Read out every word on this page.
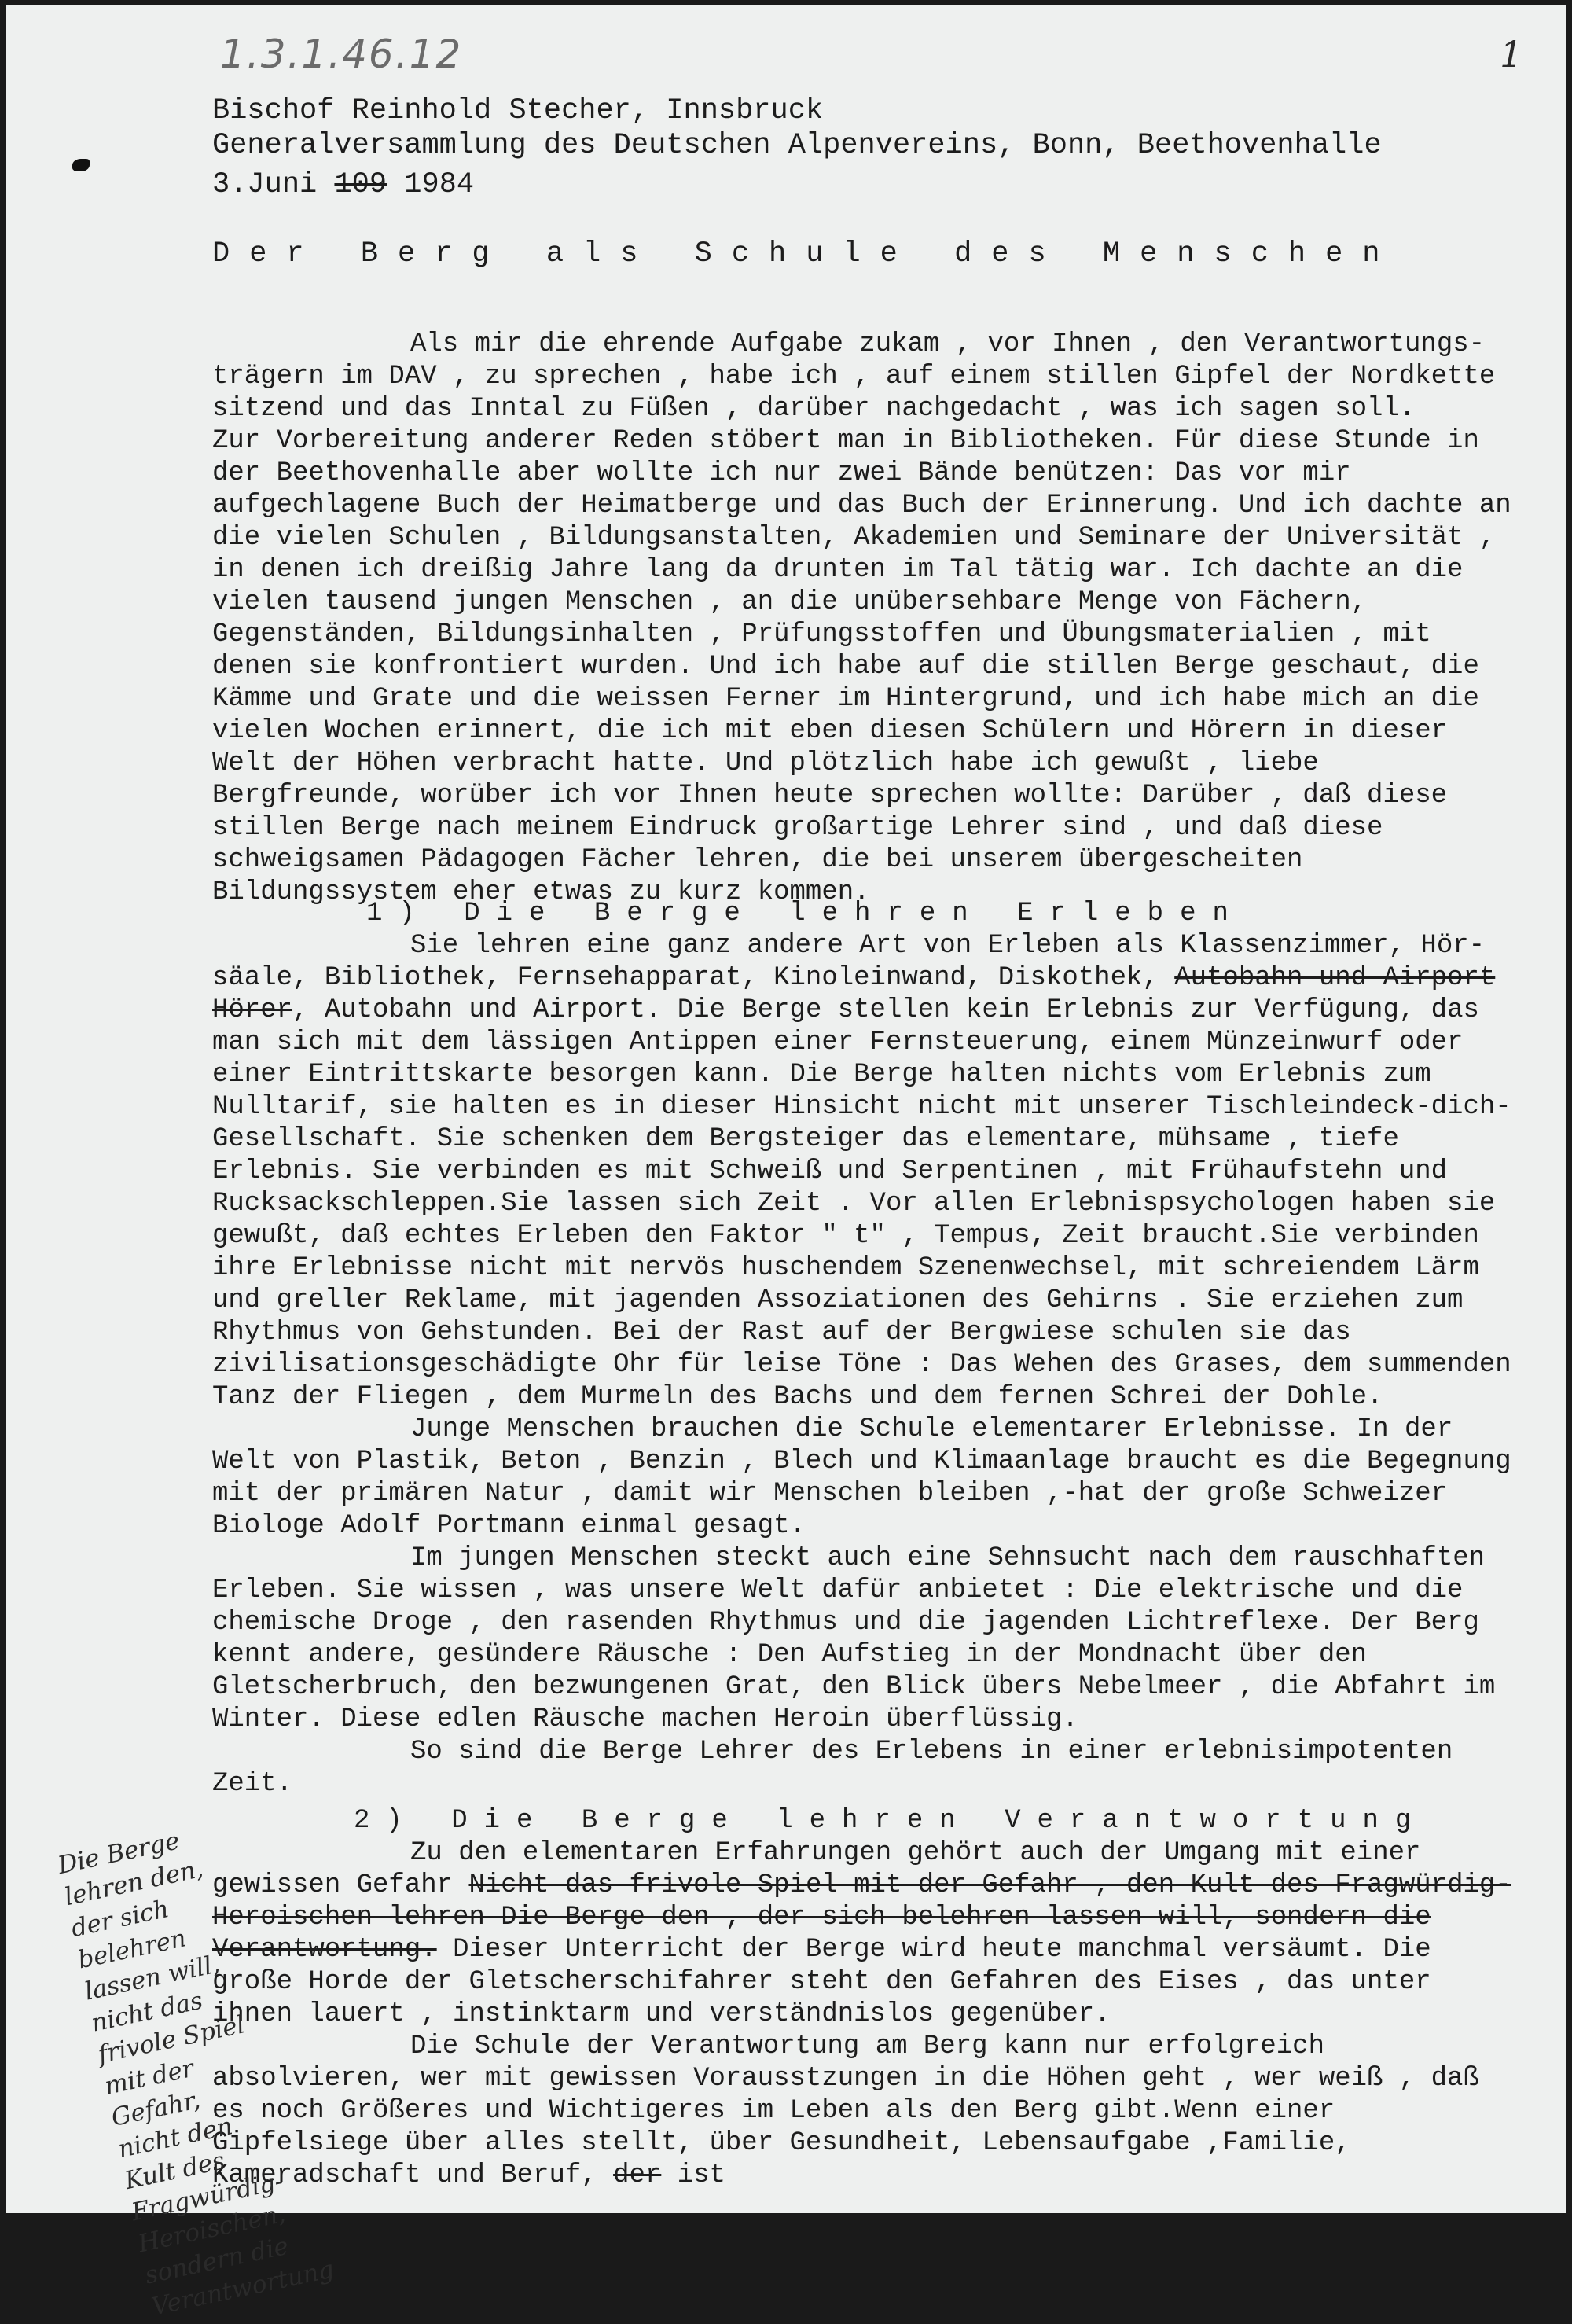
1.3.1.46.12	1
Bischof Reinhold Stecher, Innsbruck
Generalversammlung des Deutschen Alpenvereins, Bonn, Beethovenhalle
3.Juni 109 1984
Der Berg als Schule des Menschen

Als mir die ehrende Aufgabe zukam , vor Ihnen , den Verantwortungsträgern im DAV , zu sprechen , habe ich , auf einem stillen Gipfel der Nordkette sitzend und das Inntal zu Füßen , darüber nachgedacht , was ich sagen soll.

Zur Vorbereitung anderer Reden stöbert man in Bibliotheken. Für diese Stunde in der Beethovenhalle aber wollte ich nur zwei Bände benützen: Das vor mir aufgechlagene Buch der Heimatberge und das Buch der Erinnerung. Und ich dachte an die vielen Schulen , Bildungsanstalten, Akademien und Seminare der Universität , in denen ich dreißig Jahre lang da drunten im Tal tätig war. Ich dachte an die vielen tausend jungen Menschen , an die unübersehbare Menge von Fächern, Gegenständen, Bildungsinhalten , Prüfungsstoffen und Übungsmaterialien , mit denen sie konfrontiert wurden. Und ich habe auf die stillen Berge geschaut, die Kämme und Grate und die weissen Ferner im Hintergrund, und ich habe mich an die vielen Wochen erinnert, die ich mit eben diesen Schülern und Hörern in dieser Welt der Höhen verbracht hatte. Und plötzlich habe ich gewußt , liebe Bergfreunde, worüber ich vor Ihnen heute sprechen wollte: Darüber , daß diese stillen Berge nach meinem Eindruck großartige Lehrer sind , und daß diese schweigsamen Pädagogen Fächer lehren, die bei unserem übergescheiten Bildungssystem eher etwas zu kurz kommen.

1) Die Berge lehren Erleben

Sie lehren eine ganz andere Art von Erleben als Klassenzimmer, Hörsäale, Bibliothek, Fernsehapparat, Kinoleinwand, Diskothek, Autobahn und Airport Hörer, Autobahn und Airport. Die Berge stellen kein Erlebnis zur Verfügung, das man sich mit dem lässigen Antippen einer Fernsteuerung, einem Münzeinwurf oder einer Eintrittskarte besorgen kann. Die Berge halten nichts vom Erlebnis zum Nulltarif, sie halten es in dieser Hinsicht nicht mit unserer Tischleindeck-dich-Gesellschaft. Sie schenken dem Bergsteiger das elementare, mühsame , tiefe Erlebnis. Sie verbinden es mit Schweiß und Serpentinen , mit Frühaufstehn und Rucksackschleppen.Sie lassen sich Zeit . Vor allen Erlebnispsychologen haben sie gewußt, daß echtes Erleben den Faktor " t" , Tempus, Zeit braucht.Sie verbinden ihre Erlebnisse nicht mit nervös huschendem Szenenwechsel, mit schreiendem Lärm und greller Reklame, mit jagenden Assoziationen des Gehirns . Sie erziehen zum Rhythmus von Gehstunden. Bei der Rast auf der Bergwiese schulen sie das zivilisationsgeschädigte Ohr für leise Töne : Das Wehen des Grases, dem summenden Tanz der Fliegen , dem Murmeln des Bachs und dem fernen Schrei der Dohle.

Junge Menschen brauchen die Schule elementarer Erlebnisse. In der Welt von Plastik, Beton , Benzin , Blech und Klimaanlage braucht es die Begegnung mit der primären Natur , damit wir Menschen bleiben ,-hat der große Schweizer Biologe Adolf Portmann einmal gesagt.

Im jungen Menschen steckt auch eine Sehnsucht nach dem rauschhaften Erleben. Sie wissen , was unsere Welt dafür anbietet : Die elektrische und die chemische Droge , den rasenden Rhythmus und die jagenden Lichtreflexe. Der Berg kennt andere, gesündere Räusche : Den Aufstieg in der Mondnacht über den Gletscherbruch, den bezwungenen Grat, den Blick übers Nebelmeer , die Abfahrt im Winter. Diese edlen Räusche machen Heroin überflüssig.

So sind die Berge Lehrer des Erlebens in einer erlebnisimpotenten Zeit.

2) Die Berge lehren Verantwortung

Zu den elementaren Erfahrungen gehört auch der Umgang mit einer gewissen Gefahr Nicht das frivole Spiel mit der Gefahr , den Kult des Fragwürdig-Heroischen lehren Die Berge den , der sich belehren lassen will, sondern die Verantwortung. Dieser Unterricht der Berge wird heute manchmal versäumt. Die große Horde der Gletscherschifahrer steht den Gefahren des Eises , das unter ihnen lauert , instinktarm und verständnislos gegenüber.

Die Schule der Verantwortung am Berg kann nur erfolgreich absolvieren, wer mit gewissen Vorausstzungen in die Höhen geht , wer weiß , daß es noch Größeres und Wichtigeres im Leben als den Berg gibt.Wenn einer Gipfelsiege über alles stellt, über Gesundheit, Lebensaufgabe ,Familie, Kameradschaft und Beruf, der ist

Die Berge lehren den, der sich belehren lassen will, nicht das frivole Spiel mit der Gefahr, nicht den Kult des Fragwürdig-Heroischen, sondern die Verantwortung
